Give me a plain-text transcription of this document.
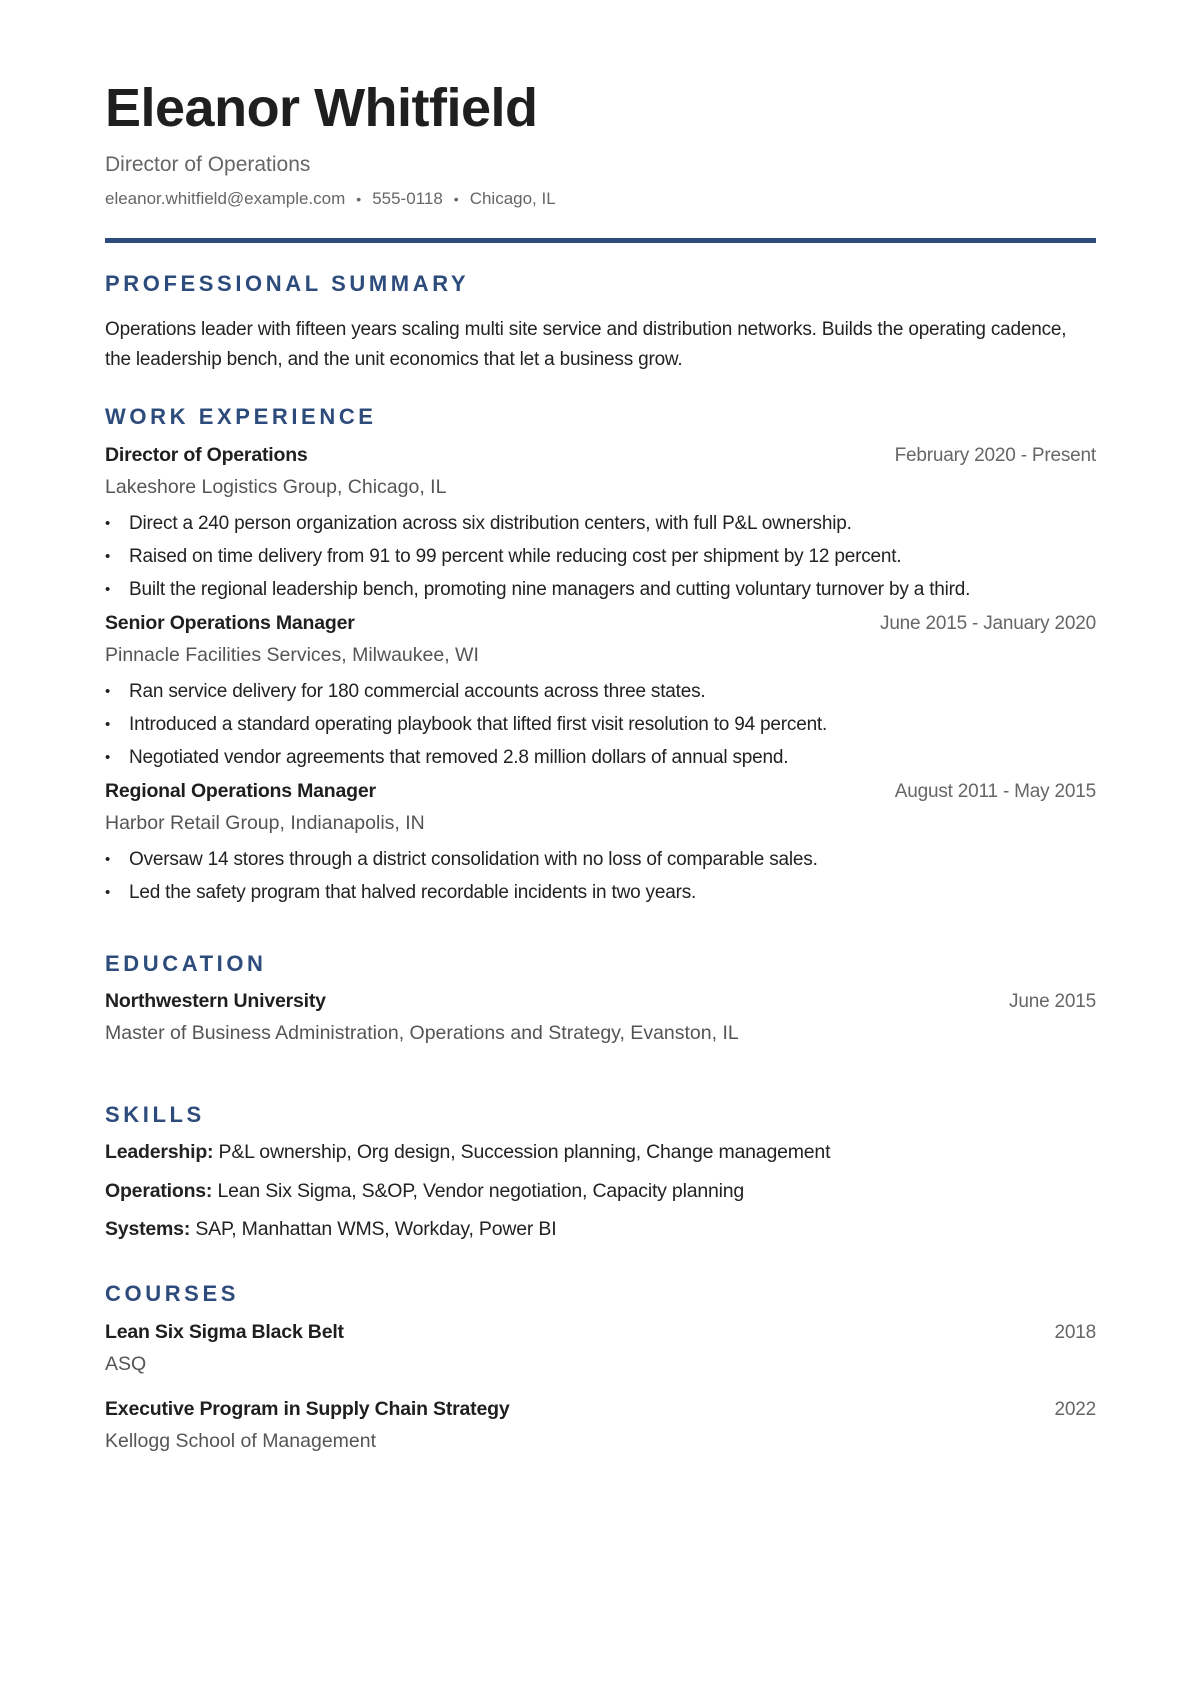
Eleanor Whitfield
Director of Operations
eleanor.whitfield@example.com • 555-0118 • Chicago, IL
PROFESSIONAL SUMMARY
Operations leader with fifteen years scaling multi site service and distribution networks. Builds the operating cadence, the leadership bench, and the unit economics that let a business grow.
WORK EXPERIENCE
Director of Operations	February 2020 - Present
Lakeshore Logistics Group, Chicago, IL
• Direct a 240 person organization across six distribution centers, with full P&L ownership.
• Raised on time delivery from 91 to 99 percent while reducing cost per shipment by 12 percent.
• Built the regional leadership bench, promoting nine managers and cutting voluntary turnover by a third.
Senior Operations Manager	June 2015 - January 2020
Pinnacle Facilities Services, Milwaukee, WI
• Ran service delivery for 180 commercial accounts across three states.
• Introduced a standard operating playbook that lifted first visit resolution to 94 percent.
• Negotiated vendor agreements that removed 2.8 million dollars of annual spend.
Regional Operations Manager	August 2011 - May 2015
Harbor Retail Group, Indianapolis, IN
• Oversaw 14 stores through a district consolidation with no loss of comparable sales.
• Led the safety program that halved recordable incidents in two years.
EDUCATION
Northwestern University	June 2015
Master of Business Administration, Operations and Strategy, Evanston, IL
SKILLS
Leadership: P&L ownership, Org design, Succession planning, Change management
Operations: Lean Six Sigma, S&OP, Vendor negotiation, Capacity planning
Systems: SAP, Manhattan WMS, Workday, Power BI
COURSES
Lean Six Sigma Black Belt	2018
ASQ
Executive Program in Supply Chain Strategy	2022
Kellogg School of Management
